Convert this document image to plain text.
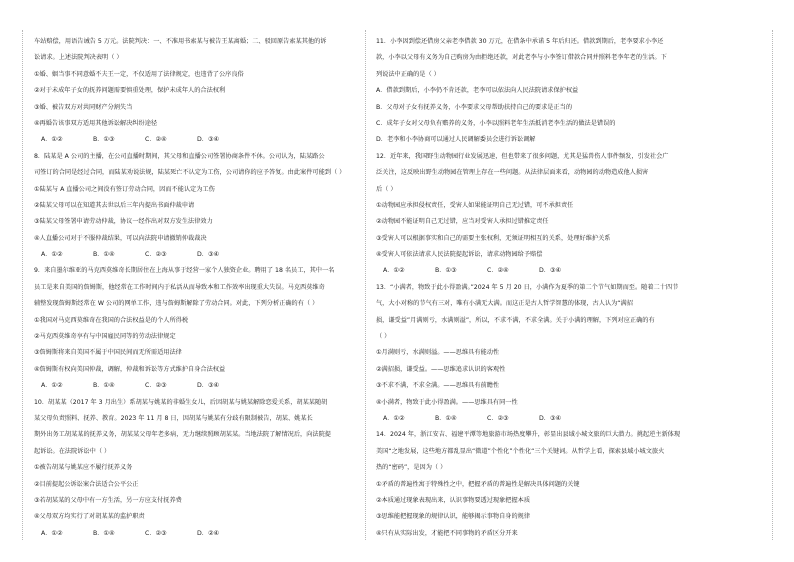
车站赔偿，用语告诫告 5 万元。法院判决：一、不准用书索某与被告王某离婚；二、驳回原告索某其他的诉
讼请求。上述法院判决表明（ ）
①婚、姻当事不同意婚不夫王一定，不仅适用了法律规定，也违背了公序良俗
②对于未成年子女的抚养问题需要慎重处理，保护未成年人的合法权利
③婚、被告双方对共同财产分割失当
④再婚告该事双方适用其他诉讼解决纠纷途径
A．①②	B．①③	C．②④	D．③④
8．陆某是 A 公司的主播，在公司直播时期间，其父母和直播公司签署协商条件不休。公司认为，陆某路公
司签订的合同是经过合同，而陆某劝说法规，陆某死亡不认定为工伤，公司请你的应予答复。由此案件可能到（ ）
①陆某与 A 直播公司之间没有签订劳动合同，因而不能认定为工伤
②陆某父母可以在知道其去世以后三年内提出书面仲裁申请
③陆某父母签署申请劳动仲裁，协议一经作出对双方发生法律效力
④人直播公司对于不服仲裁结果，可以向法院申请撤销仲裁裁决
A．①②	B．①④	C．②③	D．③④
9．来自墨尔维亚的马克西莫维奇长期居住在上海从事于经营一家个人独资企业。聘用了 18 名员工，其中一名
员工是来自美国的詹姆斯，他经常在工作时间内于私活从而导致本和工作效率出现重大失误。马克西莫维奇
辅整发现詹姆斯经常在 W 公司的网单工作，违与詹姆斯解除了劳动合同。对此，下列分析正确的有（ ）
①我国对马克西莫维奇在我国的合法权益是的个人所得税
②马克西莫维奇享有与中国雇民同等的劳动法律规定
③詹姆斯将来自美国不属于中国民间而无所需适用法律
④詹姆斯有权向美国仲裁，调解，仲裁和诉讼等方式维护自身合法权益
A．①②	B．①④	C．②③	D．③④
10．胡某某（2017 年 3 月出生）系胡某与姚某的非婚生女儿，后因胡某与姚某解除恋爱关系，胡某某随胡
某父母负责照料、抚养、教育。2023 年 11 月 8 日，因胡某与姚某有分歧有限制被告，胡某、姚某长
期外出务工胡某某的抚养义务，胡某某父母年老多病，无力继续照顾胡某某。当地法院了解情况后，向法院提
起诉讼。在法院诉讼中（ ）
①被告胡某与姚某应不履行抚养义务
②目前提起公诉讼案合法适合公平公正
③若胡某某的父母中有一方生活，另一方应支付抚养费
④父母双方均实行了对胡某某的监护职责
A．①②	B．①④	C．②③	D．②④
11．小李因到偿还借房父亲老李借款 30 万元，在借条中承诺 5 年后归还。借款到期后，老李要求小李还
款，小李以父母有义务为自己购房为由拒绝还款，对此老李与小李签订借款合同并照料老李年老的生活。下
列说法中正确的是（ ）
A．借款到期后，小李仍不肯还款，老李可以依法向人民法院请求保护权益
B．父母对子女有抚养义务，小李要求父母帮助扶持自己的要求是正当的
C．成年子女对父母负有赡养的义务，小李以照料老年生活抵消老李生活的做法是错误的
D．老李和小李协商可以通过人民调解委员会进行诉讼调解
12．近年来，我国野生动物园行业发展迅速，但也带来了很多问题，尤其是猛兽伤人事件频发，引发社会广
泛关注，这反映出野生动物园在管理上存在一些问题。从法律层面来看，动物园的动物造成他人损害
后（ ）
①动物园应承担侵权责任，受害人如果能证明自己无过错，可不承担责任
②动物园不能证明自己无过错，应当对受害人承担过错推定责任
③受害人可以根据事实和自己的需要主张权利，无须证明相互的关系，处理好维护关系
④受害人可依法请求人民法院提起诉讼，请求动物园给予赔偿
A．①②	B．①③	C．②④	D．③④
13．“小满者，物致于此小得盈满。”2024 年 5 月 20 日，小满作为夏季的第二个节气如期而至。随着二十四节
气，大小对称的节气有三对，唯有小满无大满。而这正是古人哲学智慧的体现，古人认为“满招
损，谦受益”月满则亏，水满则溢”，所以，不求不满，不求全满。关于小满的理解，下列对应正确的有
（ ）
①月满则亏，水满则溢。——思维具有能动性
②满招损，谦受益。——思维追求认识的客观性
③不求不满，不求全满。——思维具有前瞻性
④小满者，物致于此小得盈满。——思维具有同一性
A．①②	B．①④	C．②③	D．③④
14．2024 年，浙江安吉、福建平潭等地旅游市场热度攀升，彰显出县域小城文旅的巨大潜力。挑起逆主新体现
美国“之地发展，这些地方都乱显出“微道”个性化”个性化“三个关键词。从哲学上看，探索县域小城文旅火
热的“密码”，是因为（ ）
①矛盾的普遍性寓于特殊性之中，把握矛盾的普遍性是解决具体问题的关键
②本质通过现象表现出来，认识事物要透过现象把握本质
③思维能把握现象的规律认识，能够揭示事物自身的规律
④只有从实际出发，才能把不同事物的矛盾区分开来
